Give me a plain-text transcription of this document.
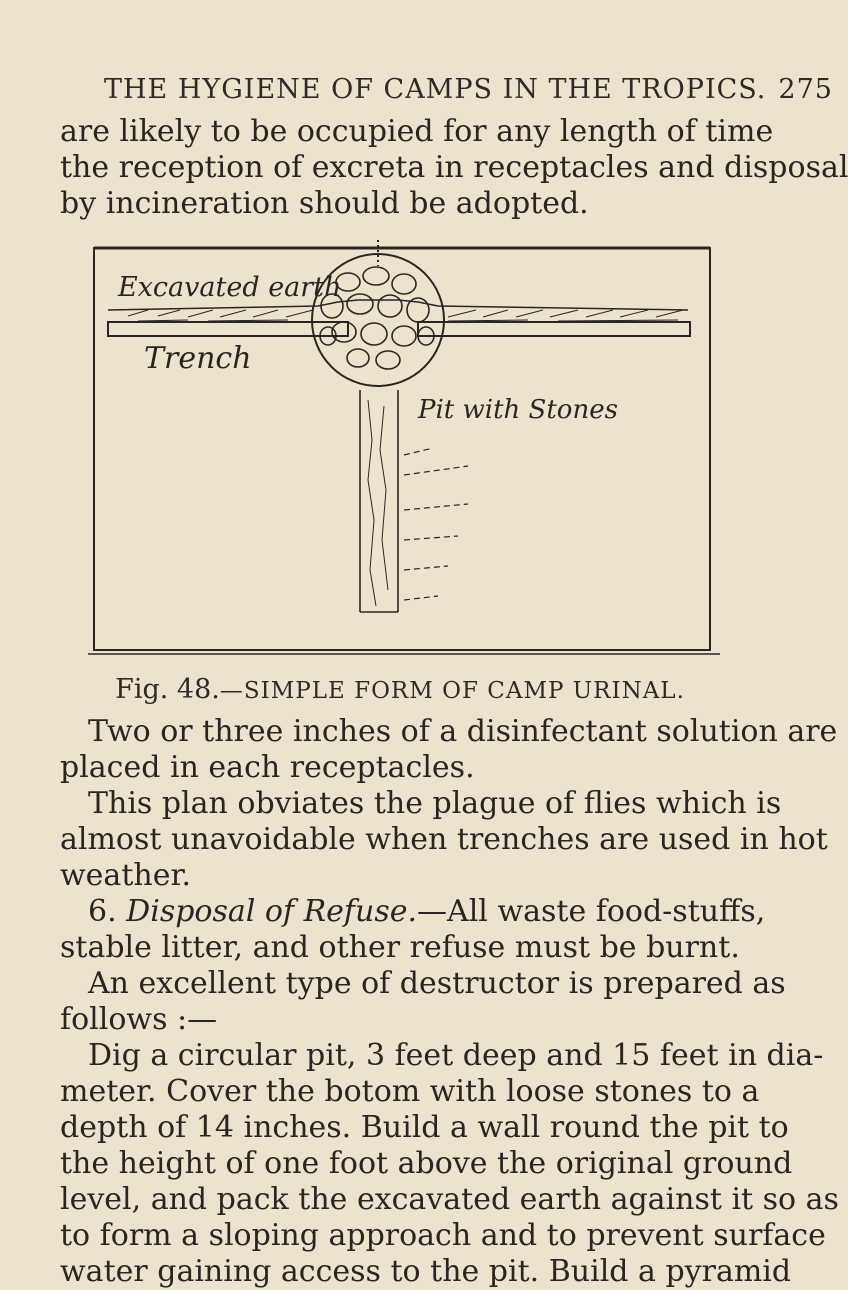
THE HYGIENE OF CAMPS IN THE TROPICS. 275
are likely to be occupied for any length of time
the reception of excreta in receptacles and disposal
by incineration should be adopted.
Excavated earth
Trench
Pit with Stones
Fig. 48.—SIMPLE FORM OF CAMP URINAL.
Two or three inches of a disinfectant solution are
placed in each receptacles.
This plan obviates the plague of flies which is
almost unavoidable when trenches are used in hot
weather.
6. Disposal of Refuse.—All waste food-stuffs,
stable litter, and other refuse must be burnt.
An excellent type of destructor is prepared as
follows :—
Dig a circular pit, 3 feet deep and 15 feet in dia-
meter. Cover the botom with loose stones to a
depth of 14 inches. Build a wall round the pit to
the height of one foot above the original ground
level, and pack the excavated earth against it so as
to form a sloping approach and to prevent surface
water gaining access to the pit. Build a pyramid
